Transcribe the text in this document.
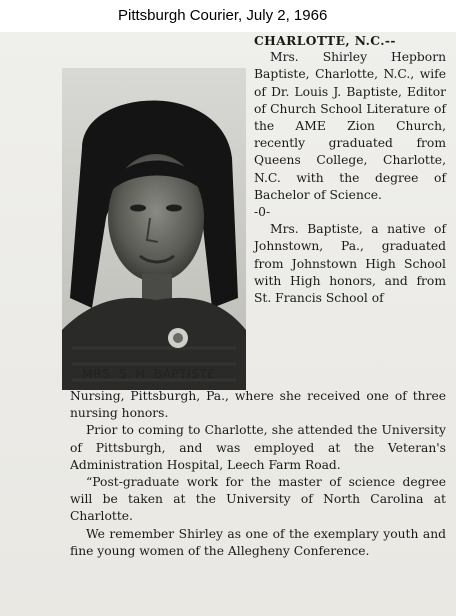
Pittsburgh Courier, July 2, 1966
MRS. S. H. BAPTISTE

CHARLOTTE, N.C.--

Mrs. Shirley Hepborn Baptiste, Charlotte, N.C., wife of Dr. Louis J. Baptiste, Editor of Church School Literature of the AME Zion Church, recently graduated from Queens College, Charlotte, N.C. with the degree of Bachelor of Science.

-0-

Mrs. Baptiste, a native of Johnstown, Pa., graduated from Johnstown High School with High honors, and from St. Francis School of

Nursing, Pittsburgh, Pa., where she received one of three nursing honors.

Prior to coming to Charlotte, she attended the University of Pittsburgh, and was employed at the Veteran's Administration Hospital, Leech Farm Road.

“Post-graduate work for the master of science degree will be taken at the University of North Carolina at Charlotte.

We remember Shirley as one of the exemplary youth and fine young women of the Allegheny Conference.
